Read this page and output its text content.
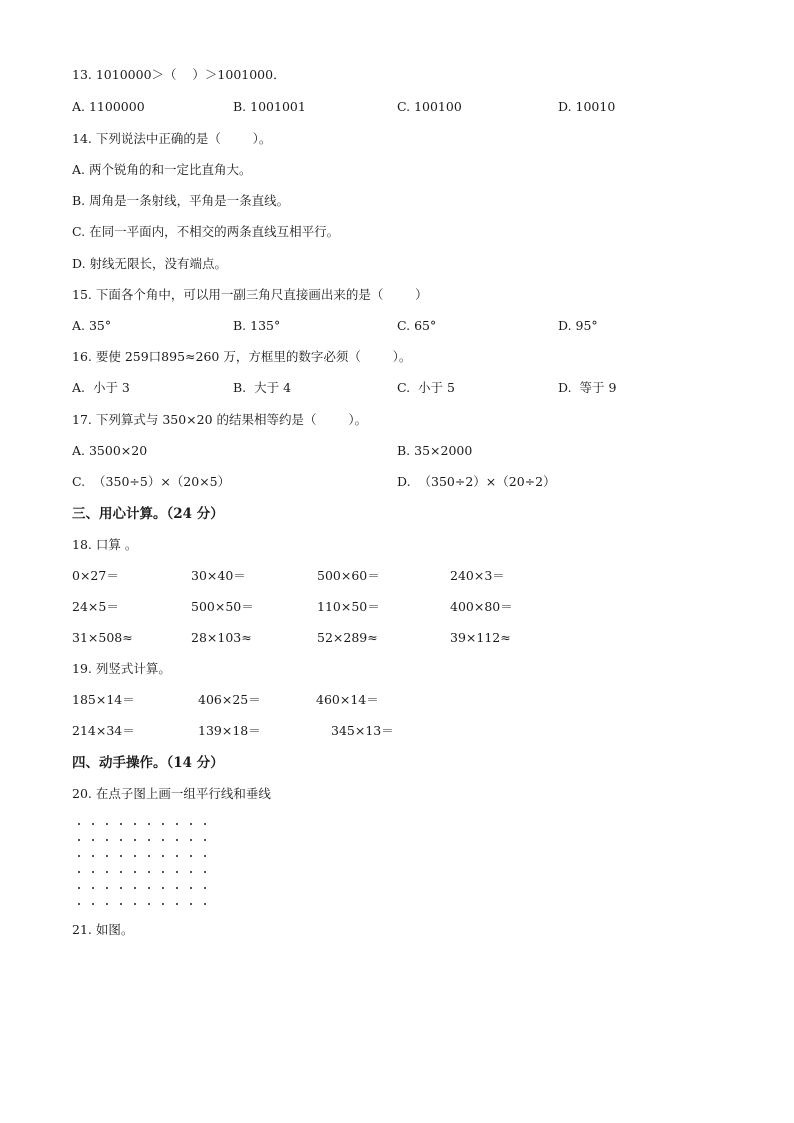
13. 1010000＞（    ）＞1001000．
A. 1100000	B. 1001001	C. 100100	D. 10010
14. 下列说法中正确的是（        ）。
A. 两个锐角的和一定比直角大。
B. 周角是一条射线，平角是一条直线。
C. 在同一平面内，不相交的两条直线互相平行。
D. 射线无限长，没有端点。
15. 下面各个角中，可以用一副三角尺直接画出来的是（        ）
A. 35°	B. 135°	C. 65°	D. 95°
16. 要使 259口895≈260 万，方框里的数字必须（        ）。
A.  小于 3	B.  大于 4	C.  小于 5	D.  等于 9
17. 下列算式与 350×20 的结果相等约是（        ）。
A. 3500×20	B. 35×2000
C.  （350÷5）×（20×5）	D.  （350÷2）×（20÷2）
三、用心计算。（24 分）
18. 口算 。
0×27＝	30×40＝	500×60＝	240×3＝
24×5＝	500×50＝	110×50＝	400×80＝
31×508≈	28×103≈	52×289≈	39×112≈
19. 列竖式计算。
185×14＝	406×25＝	460×14＝
214×34＝	139×18＝	345×13＝
四、动手操作。（14 分）
20. 在点子图上画一组平行线和垂线
21. 如图。
